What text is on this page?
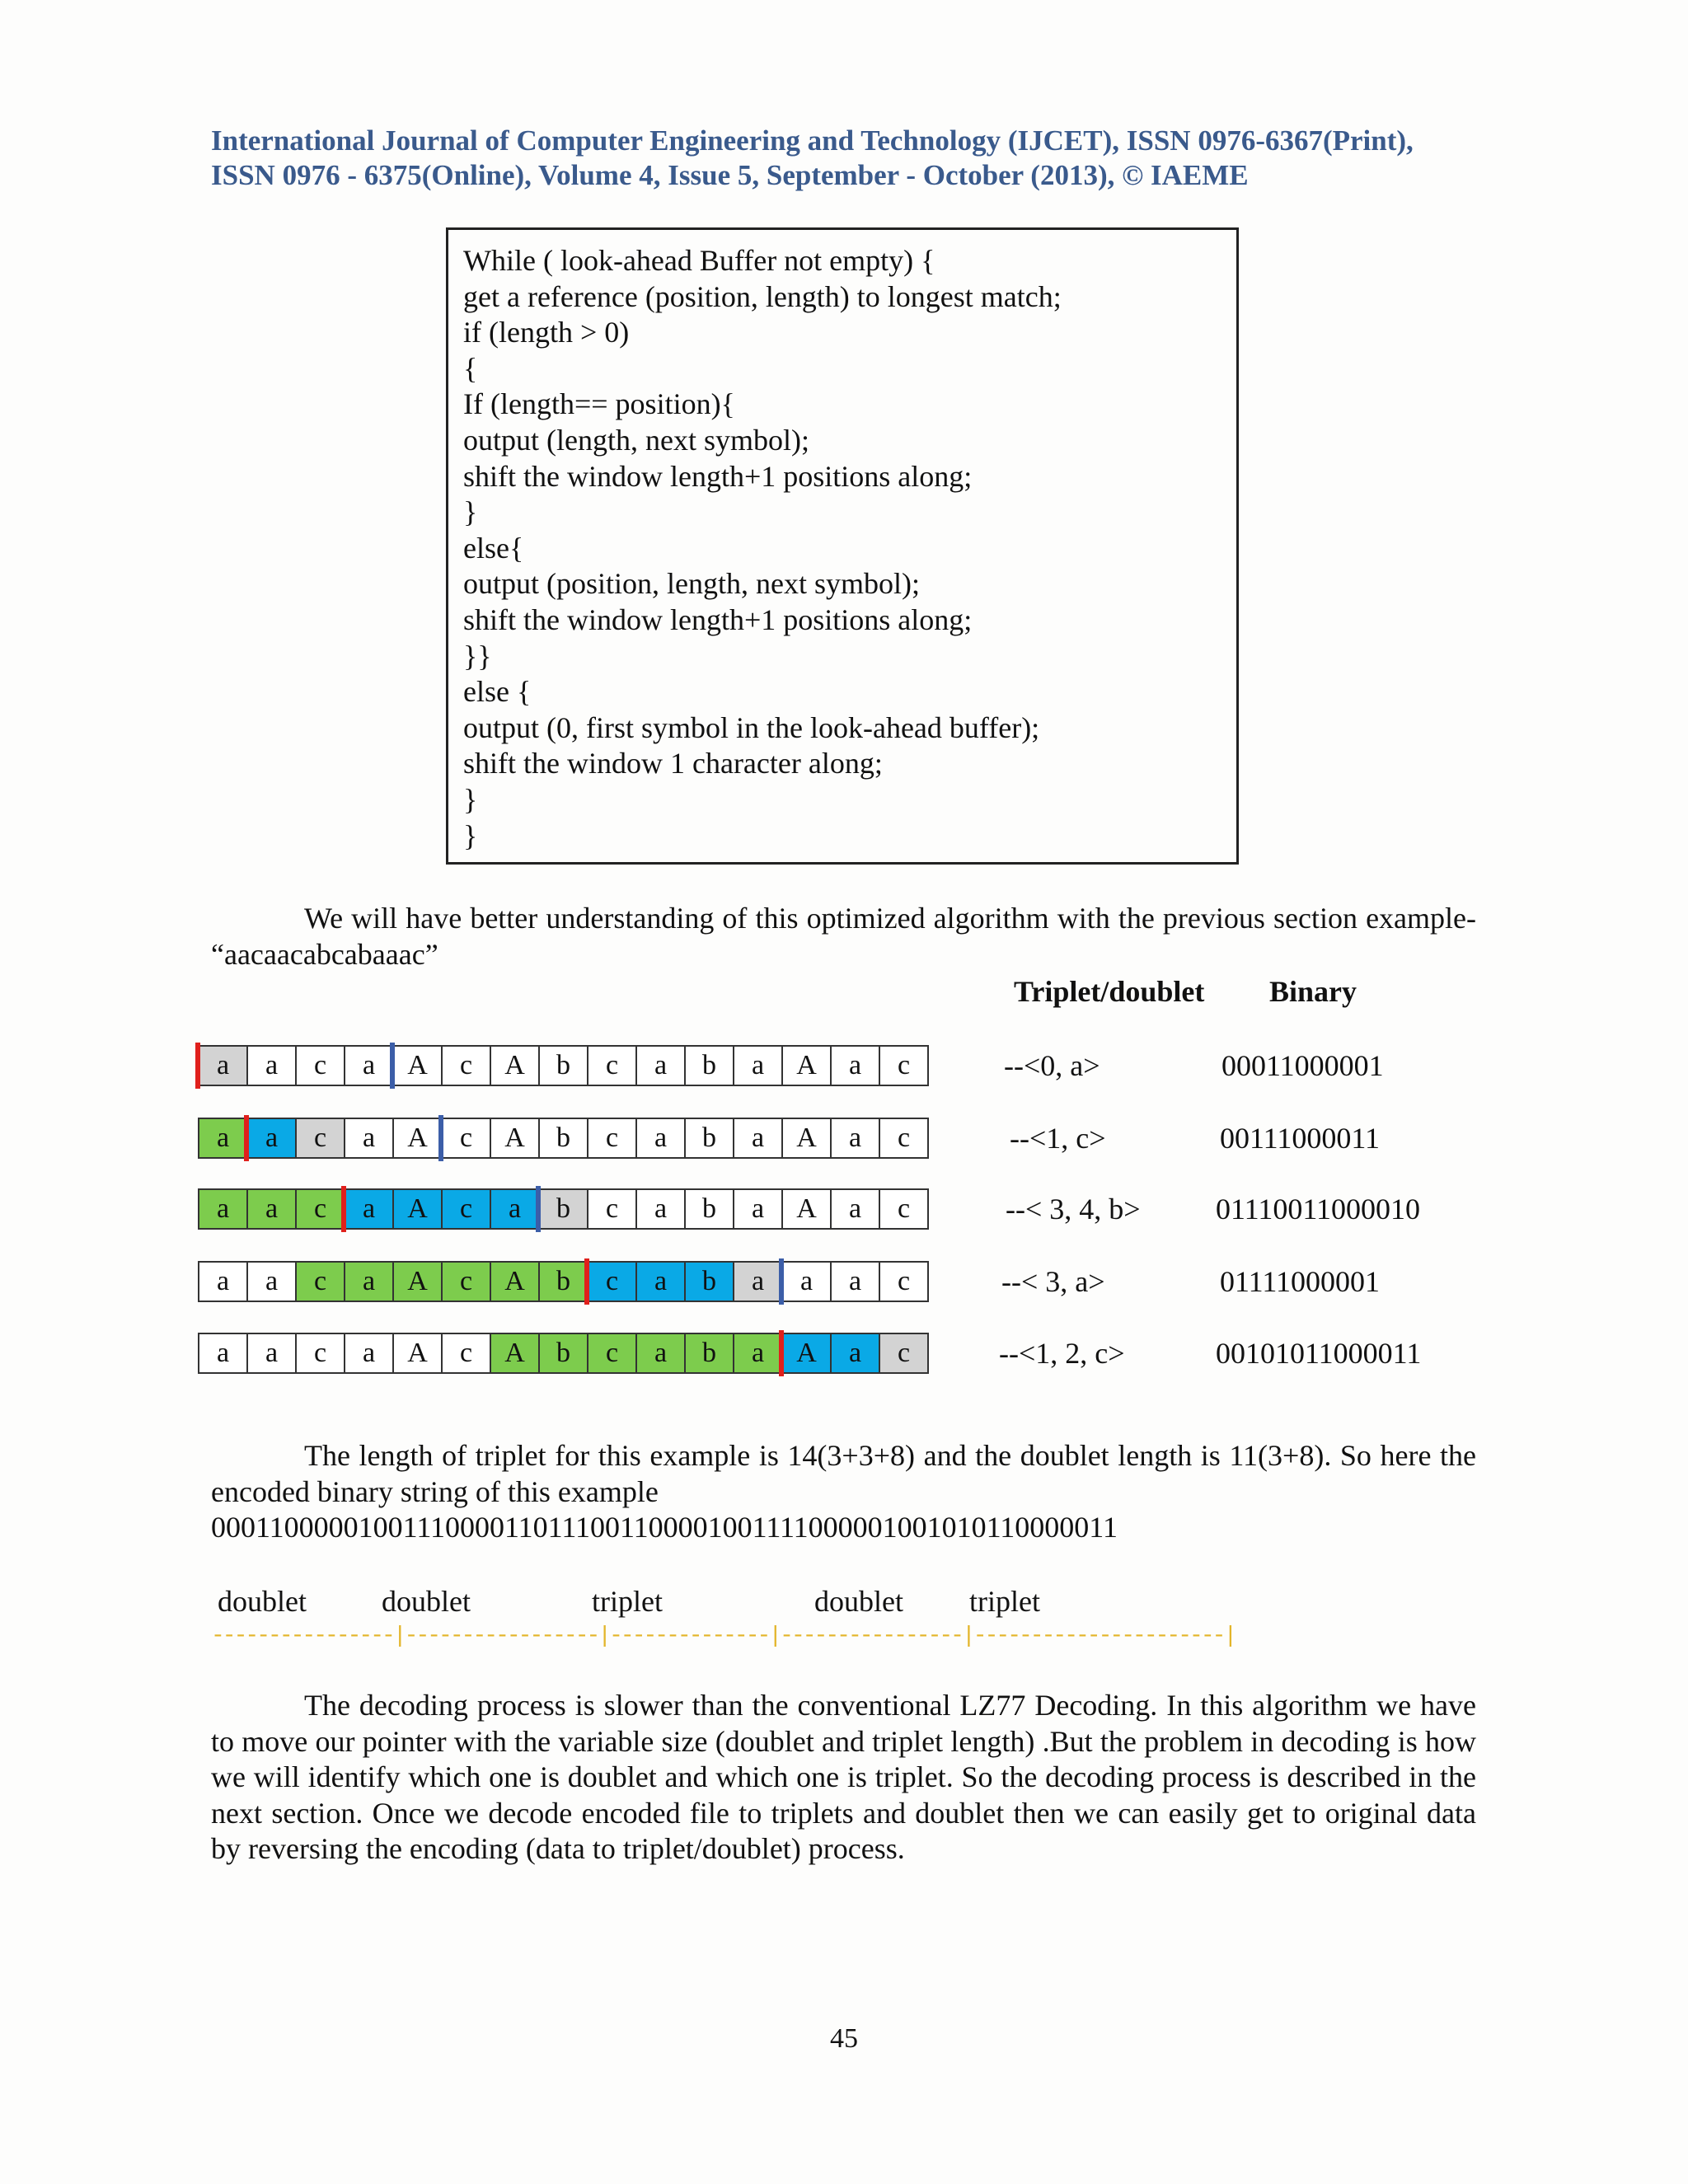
International Journal of Computer Engineering and Technology (IJCET), ISSN 0976-6367(Print),
ISSN 0976 - 6375(Online), Volume 4, Issue 5, September - October (2013), © IAEME
While ( look-ahead Buffer not empty) {
get a reference (position, length) to longest match;
if (length > 0)
{
If (length== position){
output (length, next symbol);
shift the window length+1 positions along;
}
else{
output (position, length, next symbol);
shift the window length+1 positions along;
}}
else {
output (0, first symbol in the look-ahead buffer);
shift the window 1 character along;
}
}
We will have better understanding of this optimized algorithm with the previous section example- “aacaacabcabaaac”
Triplet/doublet Binary
a	a	c	a	A	c	A	b	c	a	b	a	A	a	c	--<0, a>	00011000001
a	a	c	a	A	c	A	b	c	a	b	a	A	a	c	--<1, c>	00111000011
a	a	c	a	A	c	a	b	c	a	b	a	A	a	c	--< 3, 4, b>	01110011000010
a	a	c	a	A	c	A	b	c	a	b	a	a	a	c	--< 3, a>	01111000001
a	a	c	a	A	c	A	b	c	a	b	a	A	a	c	--<1, 2, c>	00101011000011
The length of triplet for this example is 14(3+3+8) and the doublet length is 11(3+8). So here the encoded binary string of this example
00011000001001110000110111001100001001111000001001010110000011
doublet	doublet	triplet	doublet triplet
----------------|-----------------|--------------|----------------|----------------------|
The decoding process is slower than the conventional LZ77 Decoding. In this algorithm we have to move our pointer with the variable size (doublet and triplet length) .But the problem in decoding is how we will identify which one is doublet and which one is triplet. So the decoding process is described in the next section. Once we decode encoded file to triplets and doublet then we can easily get to original data by reversing the encoding (data to triplet/doublet) process.
45
